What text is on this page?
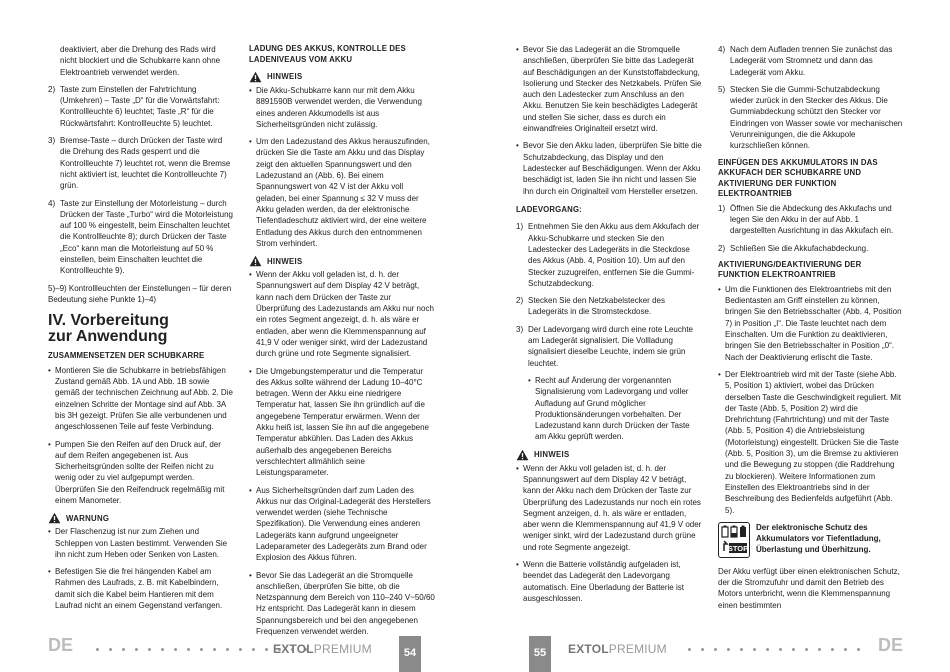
deaktiviert, aber die Drehung des Rads wird nicht blockiert und die Schubkarre kann ohne Elektroantrieb verwendet werden.

2) Taste zum Einstellen der Fahrtrichtung (Umkehren) – Taste „D“ für die Vorwärtsfahrt: Kontrollleuchte 6) leuchtet; Taste „R“ für die Rückwärtsfahrt: Kontrollleuchte 5) leuchtet.
3) Bremse-Taste – durch Drücken der Taste wird die Drehung des Rads gesperrt und die Kontrollleuchte 7) leuchtet rot, wenn die Bremse nicht aktiviert ist, leuchtet die Kontrollleuchte 7) grün.
4) Taste zur Einstellung der Motorleistung – durch Drücken der Taste „Turbo“ wird die Motorleistung auf 100 % eingestellt, beim Einschalten leuchtet die Kontrollleuchte 8); durch Drücken der Taste „Eco“ kann man die Motorleistung auf 50 % einstellen, beim Einschalten leuchtet die Kontrollleuchte 9).

5)–9) Kontrollleuchten der Einstellungen – für deren Bedeutung siehe Punkte 1)–4)

IV. Vorbereitung
zur Anwendung
ZUSAMMENSETZEN DER SCHUBKARRE
• Montieren Sie die Schubkarre in betriebsfähigen Zustand gemäß Abb. 1A und Abb. 1B sowie gemäß der technischen Zeichnung auf Abb. 2. Die einzelnen Schritte der Montage sind auf Abb. 3A bis 3H gezeigt. Prüfen Sie alle verbundenen und angeschlossenen Teile auf feste Verbindung.
• Pumpen Sie den Reifen auf den Druck auf, der auf dem Reifen angegebenen ist. Aus Sicherheitsgründen sollte der Reifen nicht zu wenig oder zu viel aufgepumpt werden. Überprüfen Sie den Reifendruck regelmäßig mit einem Manometer.
WARNUNG
• Der Flaschenzug ist nur zum Ziehen und Schleppen von Lasten bestimmt. Verwenden Sie ihn nicht zum Heben oder Senken von Lasten.
• Befestigen Sie die frei hängenden Kabel am Rahmen des Laufrads, z. B. mit Kabelbindern, damit sich die Kabel beim Hantieren mit dem Laufrad nicht an einem Gegenstand verfangen.
LADUNG DES AKKUS, KONTROLLE DES LADENIVEAUS VOM AKKU
HINWEIS
• Die Akku-Schubkarre kann nur mit dem Akku 8891590B verwendet werden, die Verwendung eines anderen Akkumodells ist aus Sicherheitsgründen nicht zulässig.
• Um den Ladezustand des Akkus herauszufinden, drücken Sie die Taste am Akku und das Display zeigt den aktuellen Spannungswert und den Ladezustand an (Abb. 6). Bei einem Spannungswert von 42 V ist der Akku voll geladen, bei einer Spannung ≤ 32 V muss der Akku geladen werden, da der elektronische Tiefentladeschutz aktiviert wird, der eine weitere Entladung des Akkus durch den entnommenen Strom verhindert.
HINWEIS
• Wenn der Akku voll geladen ist, d. h. der Spannungswert auf dem Display 42 V beträgt, kann nach dem Drücken der Taste zur Überprüfung des Ladezustands am Akku nur noch ein rotes Segment angezeigt, d. h. als wäre er entladen, aber wenn die Klemmenspannung auf 41,9 V oder weniger sinkt, wird der Ladezustand durch grüne und rote Segmente signalisiert.
• Die Umgebungstemperatur und die Temperatur des Akkus sollte während der Ladung 10–40°C betragen. Wenn der Akku eine niedrigere Temperatur hat, lassen Sie ihn gründlich auf die angegebene Temperatur erwärmen. Wenn der Akku heiß ist, lassen Sie ihn auf die angegebene Temperatur abkühlen. Das Laden des Akkus außerhalb des angegebenen Bereichs verschlechtert allmählich seine Leistungsparameter.
• Aus Sicherheitsgründen darf zum Laden des Akkus nur das Original-Ladegerät des Herstellers verwendet werden (siehe Technische Spezifikation). Die Verwendung eines anderen Ladegeräts kann aufgrund ungeeigneter Ladeparameter des Ladegeräts zum Brand oder Explosion des Akkus führen.
• Bevor Sie das Ladegerät an die Stromquelle anschließen, überprüfen Sie bitte, ob die Netzspannung dem Bereich von 110–240 V~50/60 Hz entspricht. Das Ladegerät kann in diesem Spannungsbereich und bei den angegebenen Frequenzen verwendet werden.
• Bevor Sie das Ladegerät an die Stromquelle anschließen, überprüfen Sie bitte das Ladegerät auf Beschädigungen an der Kunststoffabdeckung, Isolierung und Stecker des Netzkabels. Prüfen Sie auch den Ladestecker zum Anschluss an den Akku. Benutzen Sie kein beschädigtes Ladegerät und stellen Sie sicher, dass es durch ein einwandfreies Originalteil ersetzt wird.
• Bevor Sie den Akku laden, überprüfen Sie bitte die Schutzabdeckung, das Display und den Ladestecker auf Beschädigungen. Wenn der Akku beschädigt ist, laden Sie ihn nicht und lassen Sie ihn durch ein Originalteil vom Hersteller ersetzen.
LADEVORGANG:
1) Entnehmen Sie den Akku aus dem Akkufach der Akku-Schubkarre und stecken Sie den Ladestecker des Ladegeräts in die Steckdose des Akkus (Abb. 4, Position 10). Um auf den Stecker zuzugreifen, entfernen Sie die Gummi-Schutzabdeckung.
2) Stecken Sie den Netzkabelstecker des Ladegeräts in die Stromsteckdose.
3) Der Ladevorgang wird durch eine rote Leuchte am Ladegerät signalisiert. Die Vollladung signalisiert dieselbe Leuchte, indem sie grün leuchtet.
• Recht auf Änderung der vorgenannten Signalisierung vom Ladevorgang und voller Aufladung auf Grund möglicher Produktionsänderungen vorbehalten. Der Ladezustand kann durch Drücken der Taste am Akku geprüft werden.
HINWEIS
• Wenn der Akku voll geladen ist, d. h. der Spannungswert auf dem Display 42 V beträgt, kann der Akku nach dem Drücken der Taste zur Überprüfung des Ladezustands nur noch ein rotes Segment anzeigen, d. h. als wäre er entladen, aber wenn die Klemmenspannung auf 41,9 V oder weniger sinkt, wird der Ladezustand durch grüne und rote Segmente angezeigt.
• Wenn die Batterie vollständig aufgeladen ist, beendet das Ladegerät den Ladevorgang automatisch. Eine Überladung der Batterie ist ausgeschlossen.
4) Nach dem Aufladen trennen Sie zunächst das Ladegerät vom Stromnetz und dann das Ladegerät vom Akku.
5) Stecken Sie die Gummi-Schutzabdeckung wieder zurück in den Stecker des Akkus. Die Gummiabdeckung schützt den Stecker vor Eindringen von Wasser sowie vor mechanischen Verunreinigungen, die die Akkupole kurzschließen können.
EINFÜGEN DES AKKUMULATORS IN DAS AKKUFACH DER SCHUBKARRE UND AKTIVIERUNG DER FUNKTION ELEKTROANTRIEB
1) Öffnen Sie die Abdeckung des Akkufachs und legen Sie den Akku in der auf Abb. 1 dargestellten Ausrichtung in das Akkufach ein.
2) Schließen Sie die Akkufachabdeckung.
AKTIVIERUNG/DEAKTIVIERUNG DER FUNKTION ELEKTROANTRIEB
• Um die Funktionen des Elektroantriebs mit den Bedientasten am Griff einstellen zu können, bringen Sie den Betriebsschalter (Abb. 4, Position 7) in Position „I“. Die Taste leuchtet nach dem Einschalten. Um die Funktion zu deaktivieren, bringen Sie den Betriebsschalter in Position „0“. Nach der Deaktivierung erlischt die Taste.
• Der Elektroantrieb wird mit der Taste (siehe Abb. 5, Position 1) aktiviert, wobei das Drücken derselben Taste die Geschwindigkeit reguliert. Mit der Taste (Abb. 5, Position 2) wird die Drehrichtung (Fahrtrichtung) und mit der Taste (Abb. 5, Position 4) die Antriebsleistung (Motorleistung) eingestellt. Drücken Sie die Taste (Abb. 5, Position 3), um die Bremse zu aktivieren und die Bewegung zu stoppen (die Raddrehung zu blockieren). Weitere Informationen zum Einstellen des Elektroantriebs sind in der Beschreibung des Bedienfelds aufgeführt (Abb. 5).
STOP
Der elektronische Schutz des Akkumulators vor Tiefentladung, Überlastung und Überhitzung.

Der Akku verfügt über einen elektronischen Schutz, der die Stromzufuhr und damit den Betrieb des Motors unterbricht, wenn die Klemmenspannung einen bestimmten

DE	EXTOLPREMIUM	54	55	EXTOLPREMIUM	DE
